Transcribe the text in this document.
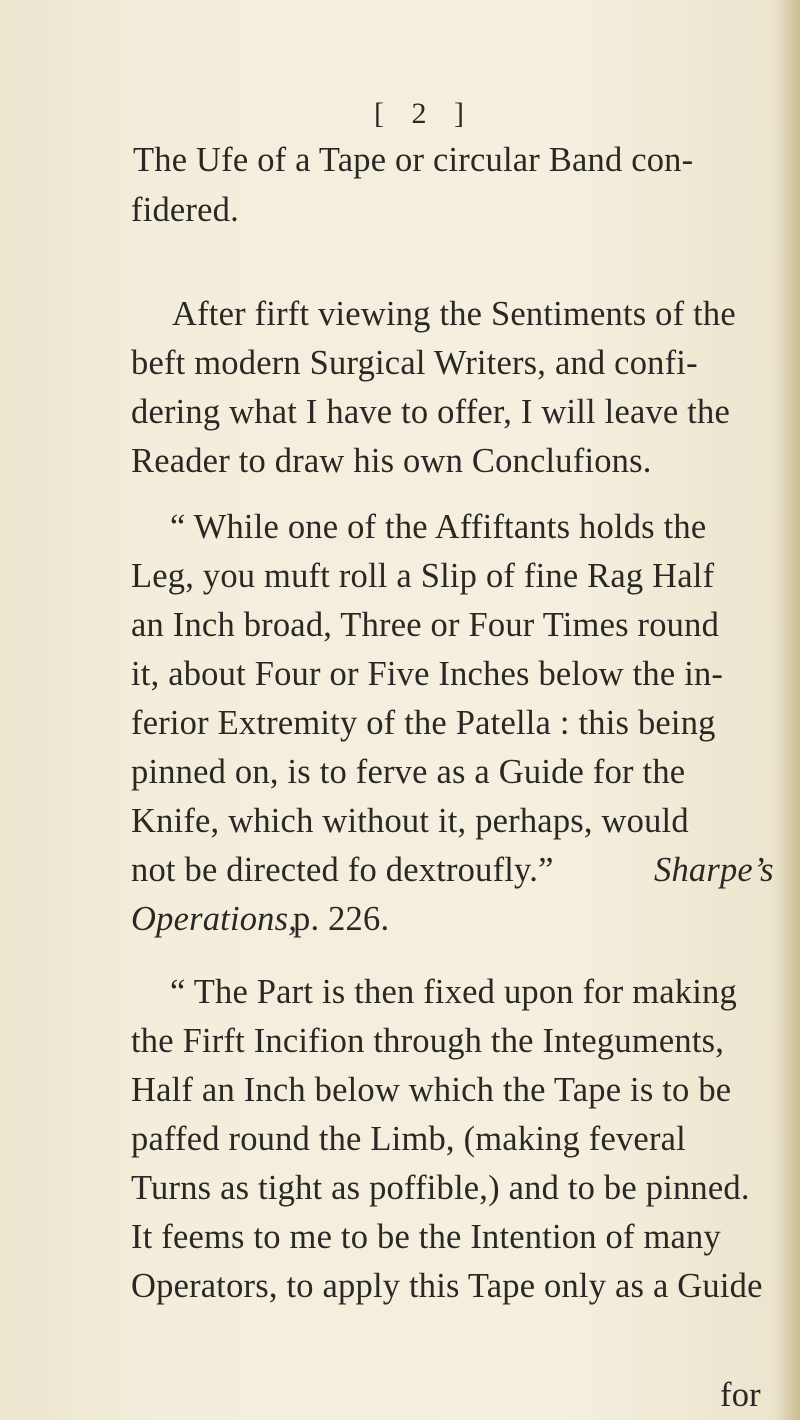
[ 2 ]
The Ufe of a Tape or circular Band con-
fidered.
After firft viewing the Sentiments of the
beft modern Surgical Writers, and confi-
dering what I have to offer, I will leave the
Reader to draw his own Conclufions.
“ While one of the Affiftants holds the
Leg, you muft roll a Slip of fine Rag Half
an Inch broad, Three or Four Times round
it, about Four or Five Inches below the in-
ferior Extremity of the Patella : this being
pinned on, is to ferve as a Guide for the
Knife, which without it, perhaps, would
not be directed fo dextroufly.”	Sharpe’s
Operations,
p. 226.
“ The Part is then fixed upon for making
the Firft Incifion through the Integuments,
Half an Inch below which the Tape is to be
paffed round the Limb, (making feveral
Turns as tight as poffible,) and to be pinned.
It feems to me to be the Intention of many
Operators, to apply this Tape only as a Guide
for
